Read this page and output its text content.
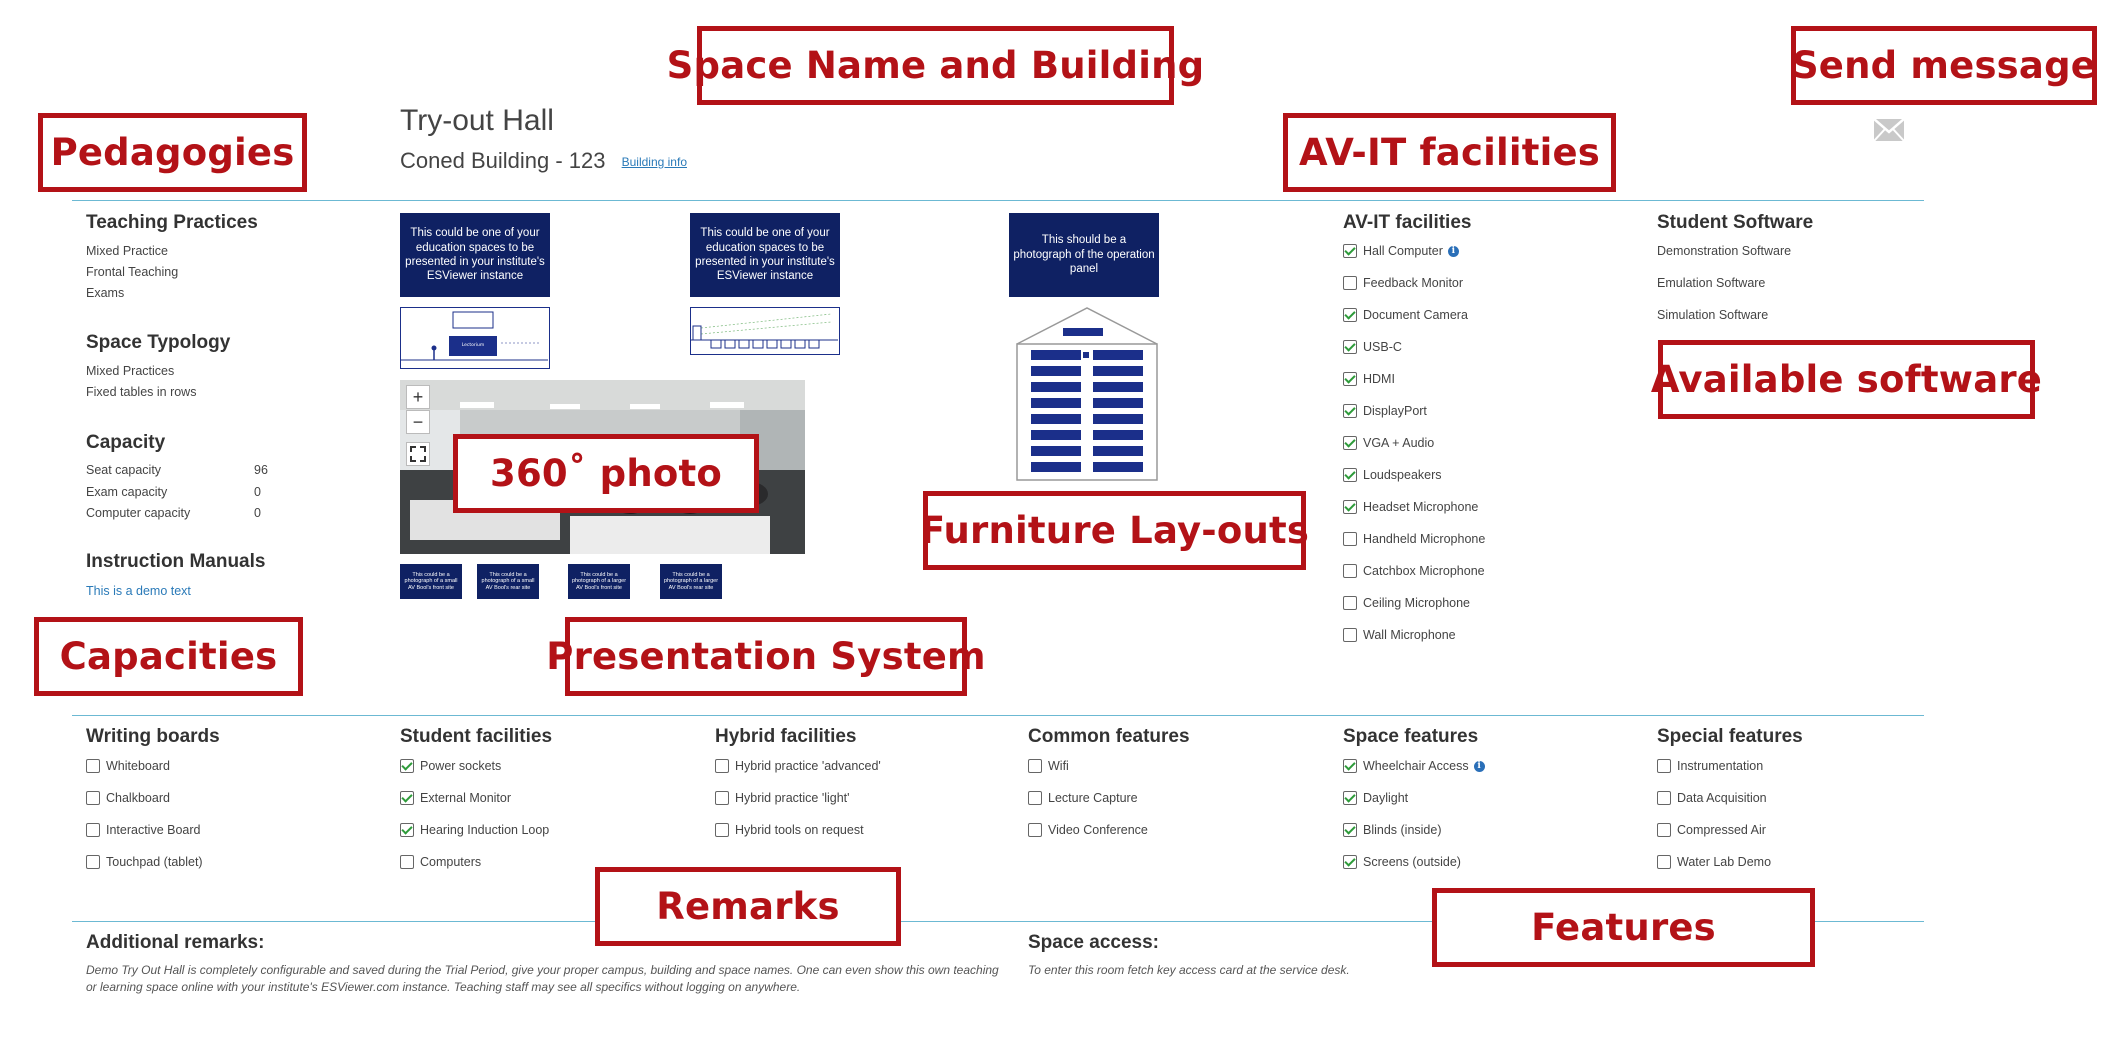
Try-out Hall
Coned Building - 123 Building info
Teaching Practices
Mixed Practice
Frontal Teaching
Exams
Space Typology
Mixed Practices
Fixed tables in rows
Capacity
Seat capacity	96
Exam capacity	0
Computer capacity	0
Instruction Manuals
This is a demo text
This could be one of your education spaces to be presented in your institute's ESViewer instance
This could be one of your education spaces to be presented in your institute's ESViewer instance
Lectorium
+
−
This could be a photograph of a small AV Bool's front site
This could be a photograph of a small AV Bool's rear site
This could be a photograph of a larger AV Bool's front site
This could be a photograph of a larger AV Bool's rear site
This should be a photograph of the operation panel
AV-IT facilities
Hall Computer i
Feedback Monitor
Document Camera
USB-C
HDMI
DisplayPort
VGA + Audio
Loudspeakers
Headset Microphone
Handheld Microphone
Catchbox Microphone
Ceiling Microphone
Wall Microphone
Student Software
Demonstration Software
Emulation Software
Simulation Software
Writing boards
Whiteboard
Chalkboard
Interactive Board
Touchpad (tablet)
Student facilities
Power sockets
External Monitor
Hearing Induction Loop
Computers
Hybrid facilities
Hybrid practice 'advanced'
Hybrid practice 'light'
Hybrid tools on request
Common features
Wifi
Lecture Capture
Video Conference
Space features
Wheelchair Access i
Daylight
Blinds (inside)
Screens (outside)
Special features
Instrumentation
Data Acquisition
Compressed Air
Water Lab Demo
Additional remarks:
Demo Try Out Hall is completely configurable and saved during the Trial Period, give your proper campus, building and space names. One can even show this own teaching or learning space online with your institute's ESViewer.com instance. Teaching staff may see all specifics without logging on anywhere.
Space access:
To enter this room fetch key access card at the service desk.
Space Name and Building	Send message
Pedagogies	AV-IT facilities
Available software
360˚ photo
Furniture Lay-outs
Capacities	Presentation System
Remarks	Features
